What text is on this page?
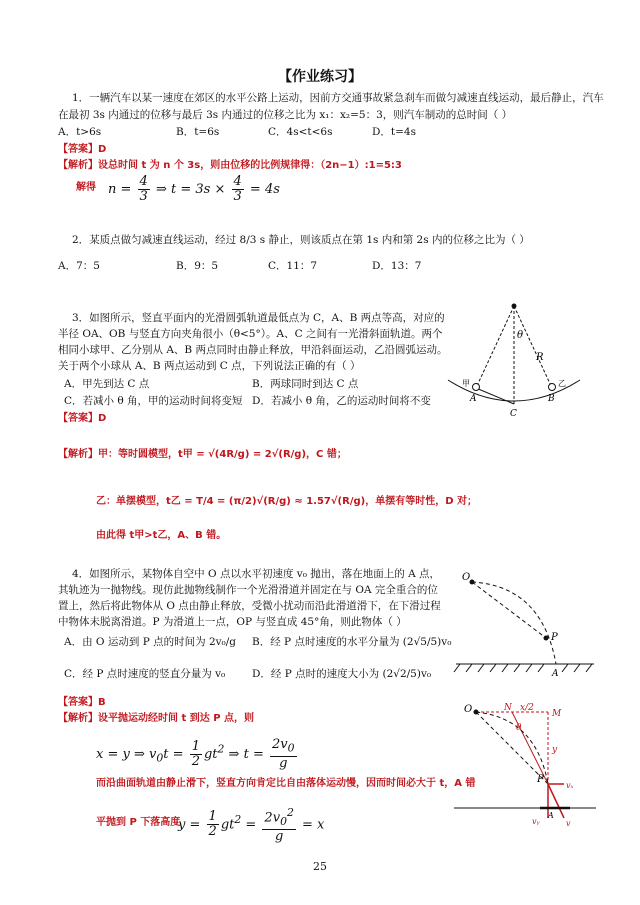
【作业练习】
1．一辆汽车以某一速度在郊区的水平公路上运动，因前方交通事故紧急刹车而做匀减速直线运动，最后静止，汽车
在最初 3s 内通过的位移与最后 3s 内通过的位移之比为 x₁：x₂=5：3，则汽车制动的总时间（ ）
A．t>6s	B．t=6s	C．4s<t<6s	D．t=4s
【答案】D
【解析】设总时间 t 为 n 个 3s，则由位移的比例规律得：（2n−1）:1=5:3
解得 $n = \frac{4}{3}$ ⇒ $t = 3s \times \frac{4}{3} = 4s$
2．某质点做匀减速直线运动，经过 8/3 s 静止，则该质点在第 1s 内和第 2s 内的位移之比为（ ）
A．7：5	B．9：5	C．11：7	D．13：7
3．如图所示，竖直平面内的光滑圆弧轨道最低点为 C，A、B 两点等高，对应的
半径 OA、OB 与竖直方向夹角很小（θ<5°）。A、C 之间有一光滑斜面轨道。两个
相同小球甲、乙分别从 A、B 两点同时由静止释放，甲沿斜面运动，乙沿圆弧运动。
关于两个小球从 A、B 两点运动到 C 点，下列说法正确的有（ ）
A．甲先到达 C 点	B．两球同时到达 C 点
C．若减小 θ 角，甲的运动时间将变短 D．若减小 θ 角，乙的运动时间将不变
【答案】D
【解析】甲：等时圆模型，t甲 = √(4R/g) = 2√(R/g)，C 错；
乙：单摆模型，t乙 = T/4 = (π/2)√(R/g) ≈ 1.57√(R/g)，单摆有等时性，D 对；
由此得 t甲>t乙，A、B 错。
θ
R
A	B
C
甲	乙
4．如图所示，某物体自空中 O 点以水平初速度 v₀ 抛出，落在地面上的 A 点，
其轨迹为一抛物线。现仿此抛物线制作一个光滑滑道并固定在与 OA 完全重合的位
置上，然后将此物体从 O 点由静止释放，受微小扰动而沿此滑道滑下，在下滑过程
中物体未脱离滑道。P 为滑道上一点，OP 与竖直成 45°角，则此物体（ ）
A．由 O 运动到 P 点的时间为 2v₀/g B．经 P 点时速度的水平分量为 (2√5/5)v₀
C．经 P 点时速度的竖直分量为 v₀	D．经 P 点时的速度大小为 (2√2/5)v₀
【答案】B
【解析】设平抛运动经时间 t 到达 P 点，则
x = y ⇒ $v_0t = \frac{1}{2} gt^2$ ⇒ $t = \frac{2v_0}{g}$
而沿曲面轨道由静止滑下，竖直方向肯定比自由落体运动慢，因而时间必大于 t，A 错
平抛到 P 下落高度
$y = \frac{1}{2} gt^2 = \frac{2v_0^2}{g} = x$
O
P
A
O	N x/2
M
θ
y
P
vₓ
vᵧ	v
A
25
